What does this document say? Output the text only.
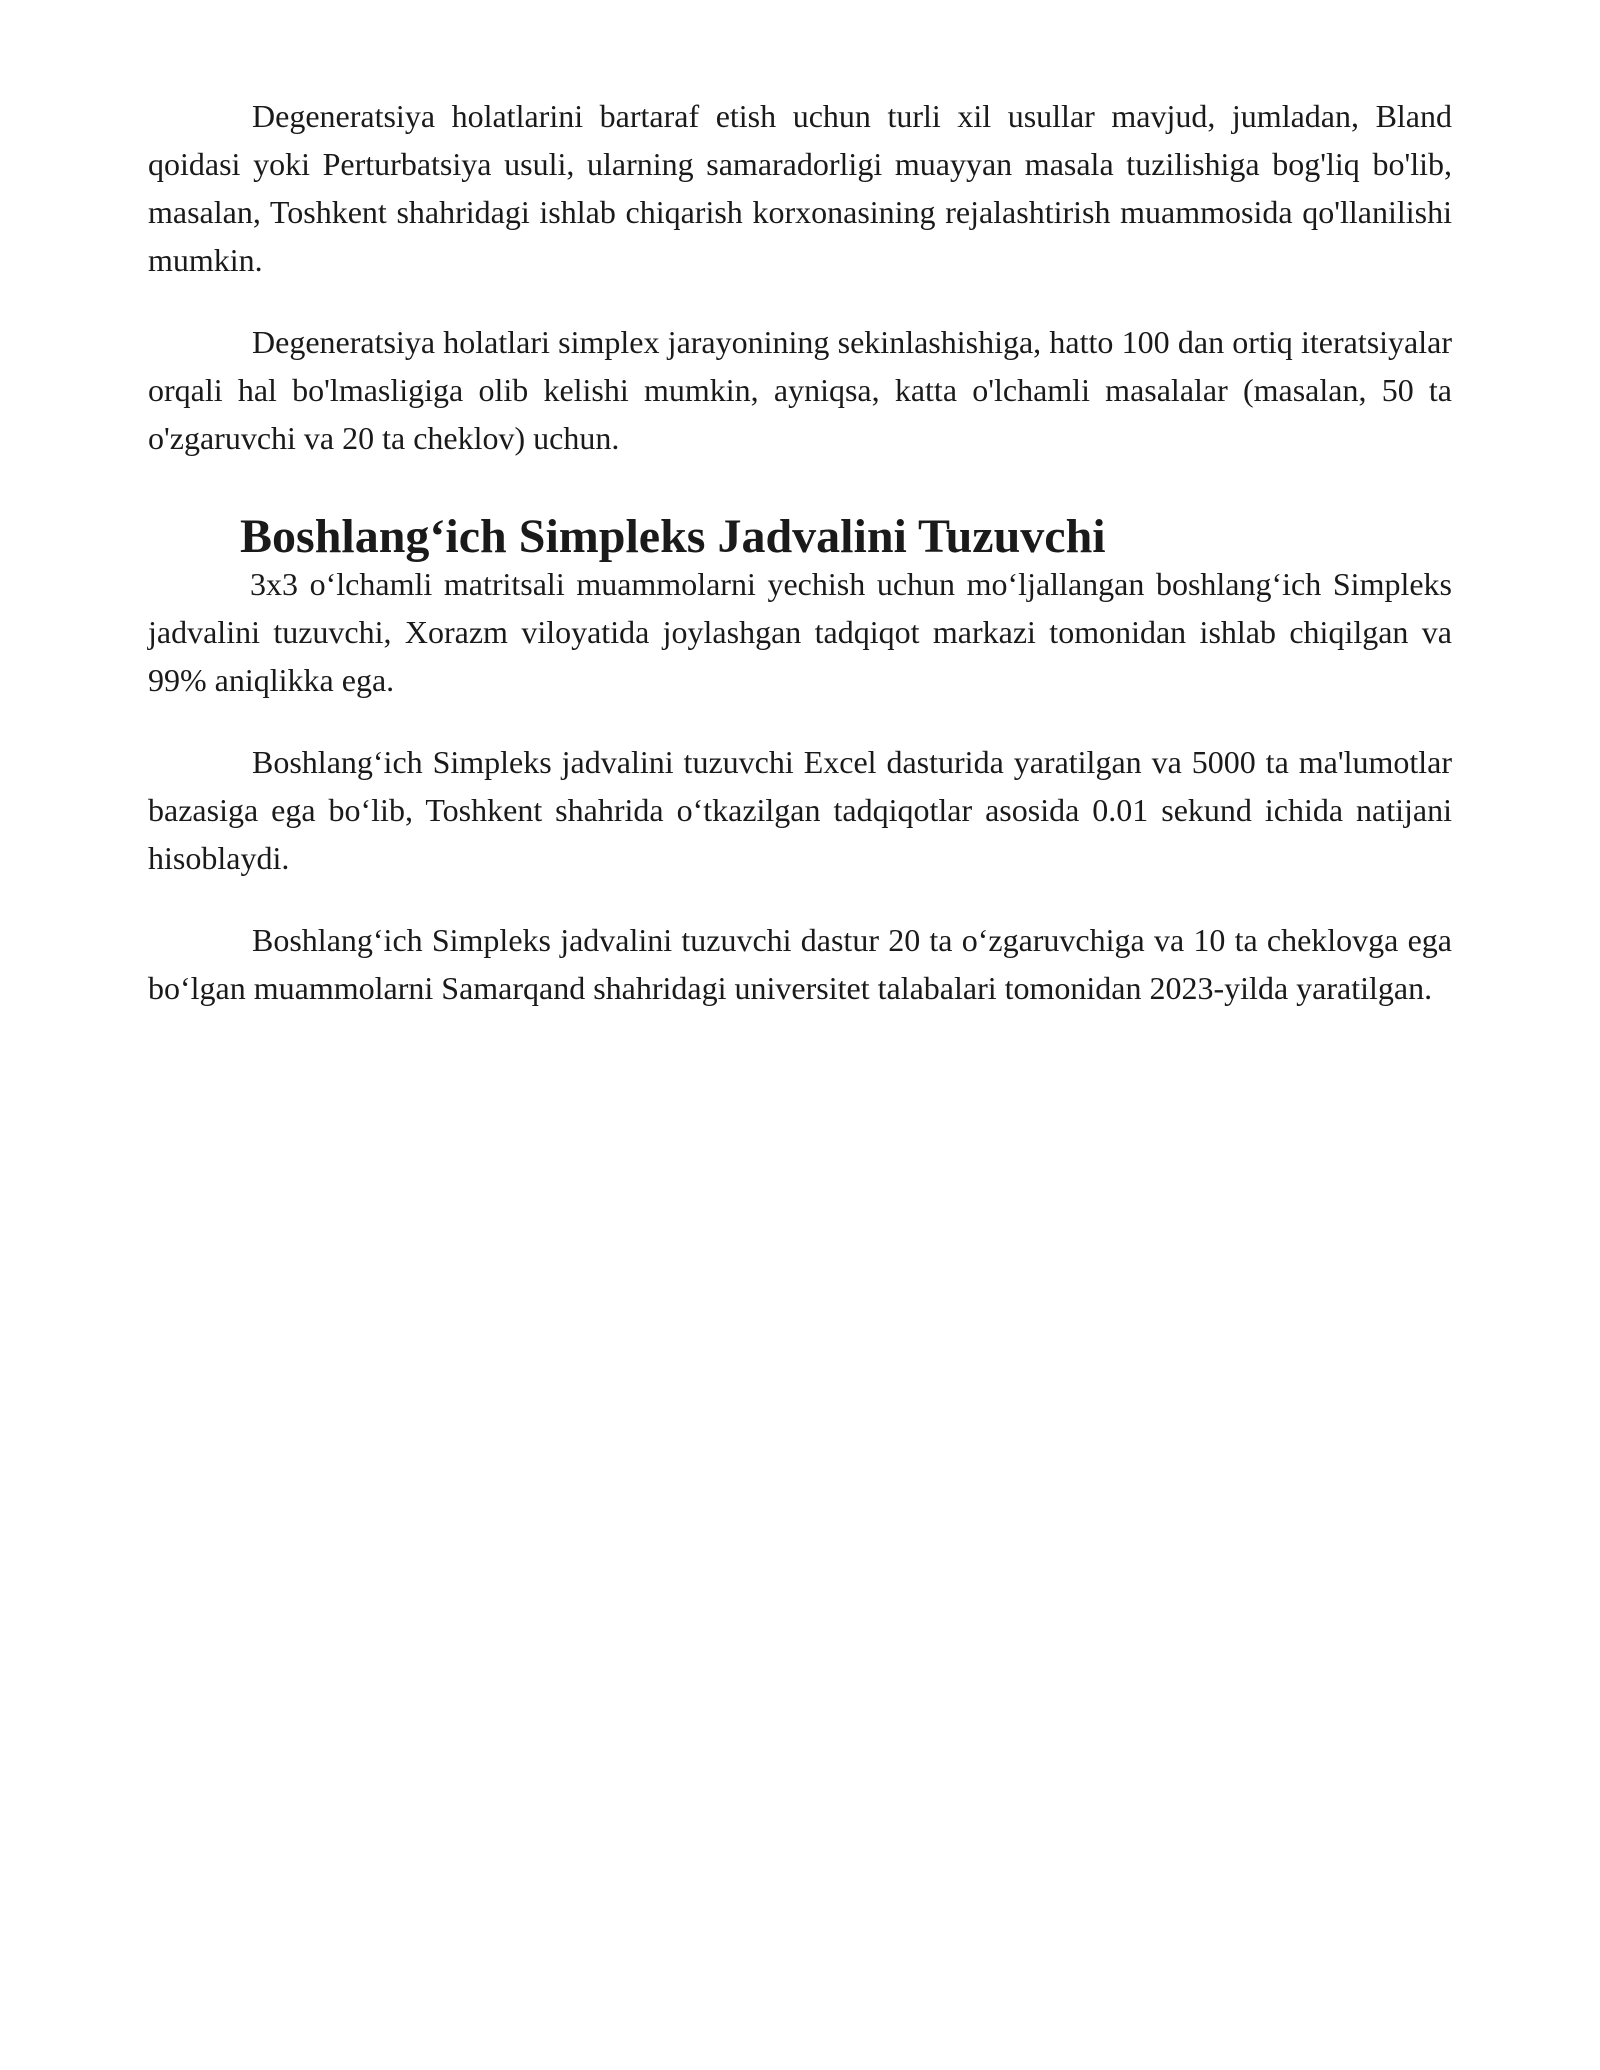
Degeneratsiya holatlarini bartaraf etish uchun turli xil usullar mavjud, jumladan, Bland qoidasi yoki Perturbatsiya usuli, ularning samaradorligi muayyan masala tuzilishiga bog'liq bo'lib, masalan, Toshkent shahridagi ishlab chiqarish korxonasining rejalashtirish muammosida qo'llanilishi mumkin.

Degeneratsiya holatlari simplex jarayonining sekinlashishiga, hatto 100 dan ortiq iteratsiyalar orqali hal bo'lmasligiga olib kelishi mumkin, ayniqsa, katta o'lchamli masalalar (masalan, 50 ta o'zgaruvchi va 20 ta cheklov) uchun.

Boshlang‘ich Simpleks Jadvalini Tuzuvchi

3x3 o‘lchamli matritsali muammolarni yechish uchun mo‘ljallangan boshlang‘ich Simpleks jadvalini tuzuvchi, Xorazm viloyatida joylashgan tadqiqot markazi tomonidan ishlab chiqilgan va 99% aniqlikka ega.

Boshlang‘ich Simpleks jadvalini tuzuvchi Excel dasturida yaratilgan va 5000 ta ma'lumotlar bazasiga ega bo‘lib, Toshkent shahrida o‘tkazilgan tadqiqotlar asosida 0.01 sekund ichida natijani hisoblaydi.

Boshlang‘ich Simpleks jadvalini tuzuvchi dastur 20 ta o‘zgaruvchiga va 10 ta cheklovga ega bo‘lgan muammolarni Samarqand shahridagi universitet talabalari tomonidan 2023-yilda yaratilgan.
